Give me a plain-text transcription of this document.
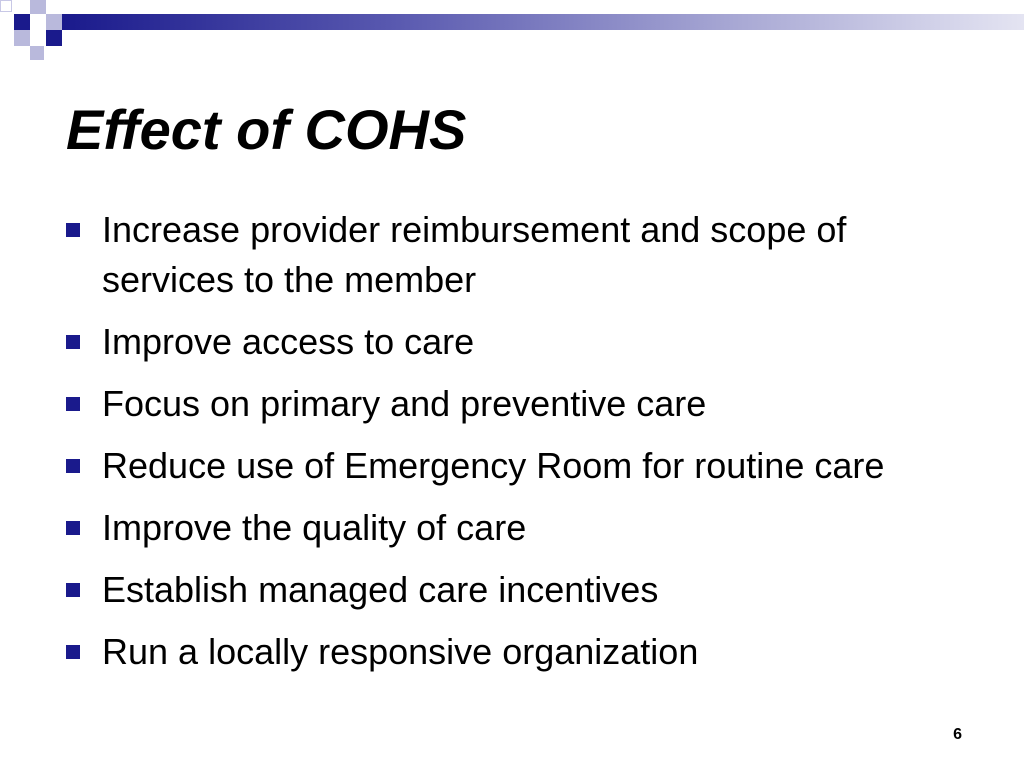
Effect of COHS
Increase provider reimbursement and scope of services to the member
Improve access to care
Focus on primary and preventive care
Reduce use of Emergency Room for routine care
Improve the quality of care
Establish managed care incentives
Run a locally responsive organization
6
